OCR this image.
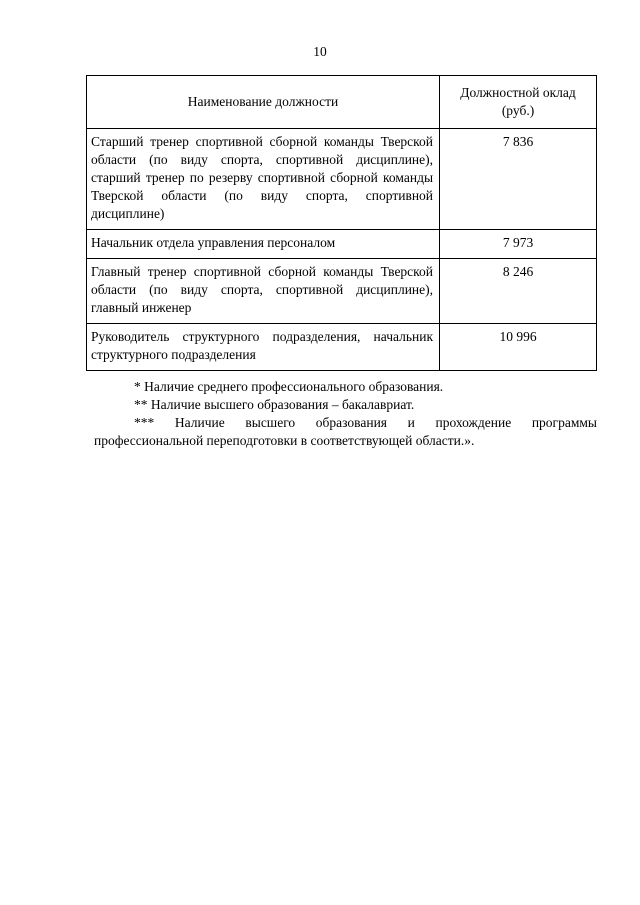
10
Наименование должности	Должностной оклад (руб.)
Старший тренер спортивной сборной команды Тверской области (по виду спорта, спортивной дисциплине), старший тренер по резерву спортивной сборной команды Тверской области (по виду спорта, спортивной дисциплине)	7 836
Начальник отдела управления персоналом	7 973
Главный тренер спортивной сборной команды Тверской области (по виду спорта, спортивной дисциплине), главный инженер	8 246
Руководитель структурного подразделения, начальник структурного подразделения	10 996

* Наличие среднего профессионального образования.

** Наличие высшего образования – бакалавриат.

*** Наличие высшего образования и прохождение программы профессиональной переподготовки в соответствующей области.».
